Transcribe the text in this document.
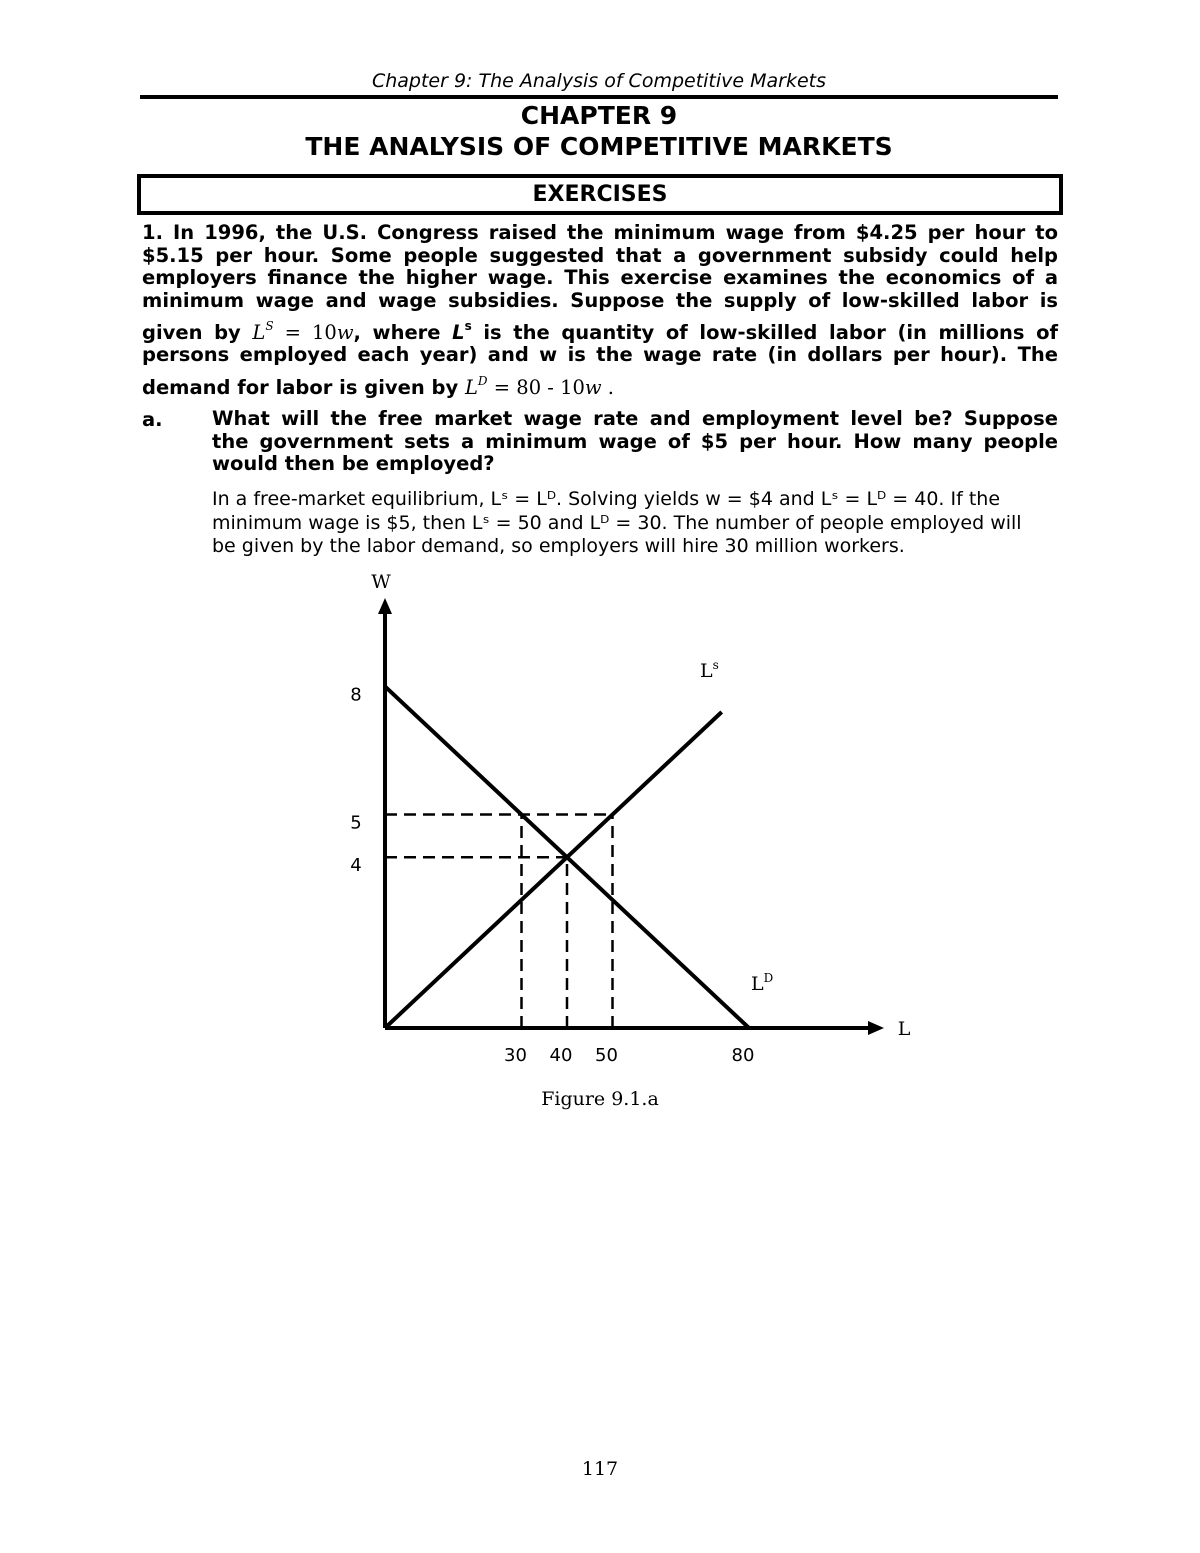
Chapter 9: The Analysis of Competitive Markets
CHAPTER 9
THE ANALYSIS OF COMPETITIVE MARKETS
EXERCISES
1. In 1996, the U.S. Congress raised the minimum wage from $4.25 per hour to
$5.15 per hour. Some people suggested that a government subsidy could help
employers finance the higher wage. This exercise examines the economics of a
minimum wage and wage subsidies. Suppose the supply of low-skilled labor is
given by $L^S = 10w$, where $L^s$ is the quantity of low-skilled labor (in millions of
persons employed each year) and w is the wage rate (in dollars per hour). The
demand for labor is given by $L^D = 80 - 10w$ .
a.	What will the free market wage rate and employment level be? Suppose
the government sets a minimum wage of $5 per hour. How many people
would then be employed?
In a free-market equilibrium, Lˢ = Lᴰ. Solving yields w = $4 and Lˢ = Lᴰ = 40. If the
minimum wage is $5, then Lˢ = 50 and Lᴰ = 30. The number of people employed will
be given by the labor demand, so employers will hire 30 million workers.
30 40 50	80
8
5
4
W
L
$L^s$
$L^D$
Figure 9.1.a
117
